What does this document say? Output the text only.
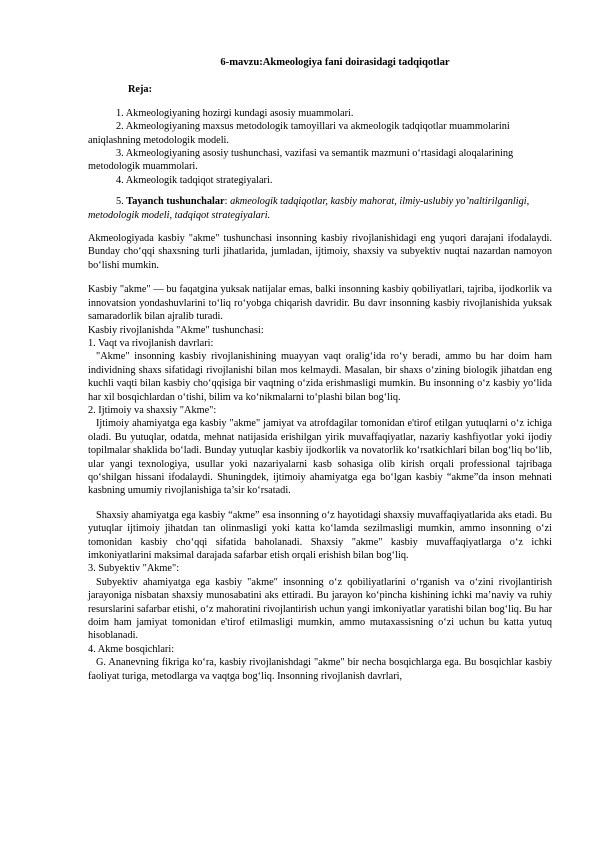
6-mavzu:Akmeologiya fani doirasidagi tadqiqotlar

Reja:

1. Akmeologiyaning hozirgi kundagi asosiy muammolari.

2. Akmeologiyaning maxsus metodologik tamoyillari va akmeologik tadqiqotlar muammolarini aniqlashning metodologik modeli.

3. Akmeologiyaning asosiy tushunchasi, vazifasi va semantik mazmuni o‘rtasidagi aloqalarining metodologik muammolari.

4. Akmeologik tadqiqot strategiyalari.

5. Tayanch tushunchalar: akmeologik tadqiqotlar, kasbiy mahorat, ilmiy-uslubiy yo’naltirilganligi, metodologik modeli, tadqiqot strategiyalari.

Akmeologiyada kasbiy "akme" tushunchasi insonning kasbiy rivojlanishidagi eng yuqori darajani ifodalaydi. Bunday cho‘qqi shaxsning turli jihatlarida, jumladan, ijtimoiy, shaxsiy va subyektiv nuqtai nazardan namoyon bo‘lishi mumkin.

Kasbiy "akme" — bu faqatgina yuksak natijalar emas, balki insonning kasbiy qobiliyatlari, tajriba, ijodkorlik va innovatsion yondashuvlarini to‘liq ro‘yobga chiqarish davridir. Bu davr insonning kasbiy rivojlanishida yuksak samaradorlik bilan ajralib turadi.

Kasbiy rivojlanishda "Akme" tushunchasi:

1. Vaqt va rivojlanish davrlari:

"Akme" insonning kasbiy rivojlanishining muayyan vaqt oralig‘ida ro‘y beradi, ammo bu har doim ham individning shaxs sifatidagi rivojlanishi bilan mos kelmaydi. Masalan, bir shaxs o‘zining biologik jihatdan eng kuchli vaqti bilan kasbiy cho‘qqisiga bir vaqtning o‘zida erishmasligi mumkin. Bu insonning o‘z kasbiy yo‘lida har xil bosqichlardan o‘tishi, bilim va ko‘nikmalarni to‘plashi bilan bog‘liq.

2. Ijtimoiy va shaxsiy "Akme":

Ijtimoiy ahamiyatga ega kasbiy "akme" jamiyat va atrofdagilar tomonidan e'tirof etilgan yutuqlarni o‘z ichiga oladi. Bu yutuqlar, odatda, mehnat natijasida erishilgan yirik muvaffaqiyatlar, nazariy kashfiyotlar yoki ijodiy topilmalar shaklida bo‘ladi. Bunday yutuqlar kasbiy ijodkorlik va novatorlik ko‘rsatkichlari bilan bog‘liq bo‘lib, ular yangi texnologiya, usullar yoki nazariyalarni kasb sohasiga olib kirish orqali professional tajribaga qo‘shilgan hissani ifodalaydi. Shuningdek, ijtimoiy ahamiyatga ega bo‘lgan kasbiy “akme”da inson mehnati kasbning umumiy rivojlanishiga ta’sir ko‘rsatadi.

Shaxsiy ahamiyatga ega kasbiy “akme” esa insonning o‘z hayotidagi shaxsiy muvaffaqiyatlarida aks etadi. Bu yutuqlar ijtimoiy jihatdan tan olinmasligi yoki katta ko‘lamda sezilmasligi mumkin, ammo insonning o‘zi tomonidan kasbiy cho‘qqi sifatida baholanadi. Shaxsiy "akme" kasbiy muvaffaqiyatlarga o‘z ichki imkoniyatlarini maksimal darajada safarbar etish orqali erishish bilan bog‘liq.

3. Subyektiv "Akme":

Subyektiv ahamiyatga ega kasbiy "akme" insonning o‘z qobiliyatlarini o‘rganish va o‘zini rivojlantirish jarayoniga nisbatan shaxsiy munosabatini aks ettiradi. Bu jarayon ko‘pincha kishining ichki ma’naviy va ruhiy resurslarini safarbar etishi, o‘z mahoratini rivojlantirish uchun yangi imkoniyatlar yaratishi bilan bog‘liq. Bu har doim ham jamiyat tomonidan e'tirof etilmasligi mumkin, ammo mutaxassisning o‘zi uchun bu katta yutuq hisoblanadi.

4. Akme bosqichlari:

G. Ananevning fikriga ko‘ra, kasbiy rivojlanishdagi "akme" bir necha bosqichlarga ega. Bu bosqichlar kasbiy faoliyat turiga, metodlarga va vaqtga bog‘liq. Insonning rivojlanish davrlari,
